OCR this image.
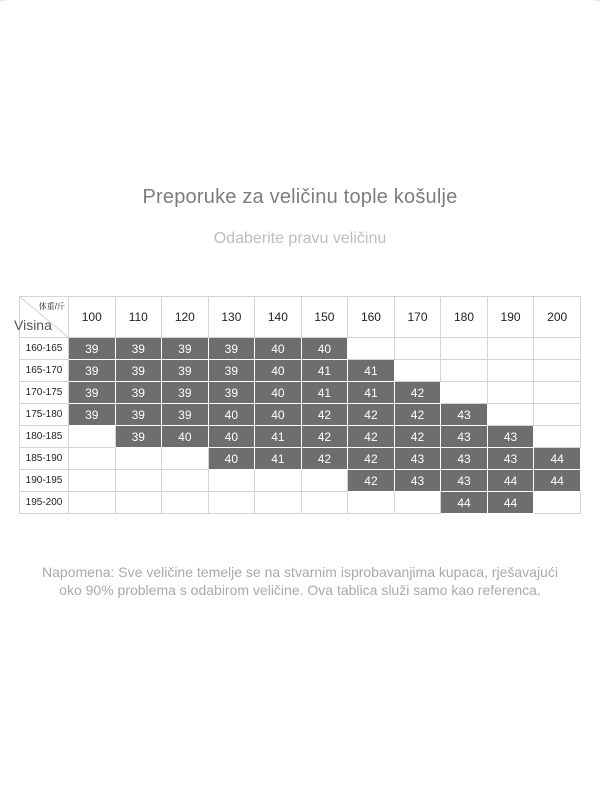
Preporuke za veličinu tople košulje
Odaberite pravu veličinu
体重/斤
Visina	100	110	120	130	140	150	160	170	180	190	200
160-165	39	39	39	39	40	40					
165-170	39	39	39	39	40	41	41				
170-175	39	39	39	39	40	41	41	42			
175-180	39	39	39	40	40	42	42	42	43		
180-185		39	40	40	41	42	42	42	43	43	
185-190				40	41	42	42	43	43	43	44
190-195							42	43	43	44	44
195-200									44	44	
Napomena: Sve veličine temelje se na stvarnim isprobavanjima kupaca, rješavajući
oko 90% problema s odabirom veličine. Ova tablica služi samo kao referenca.
